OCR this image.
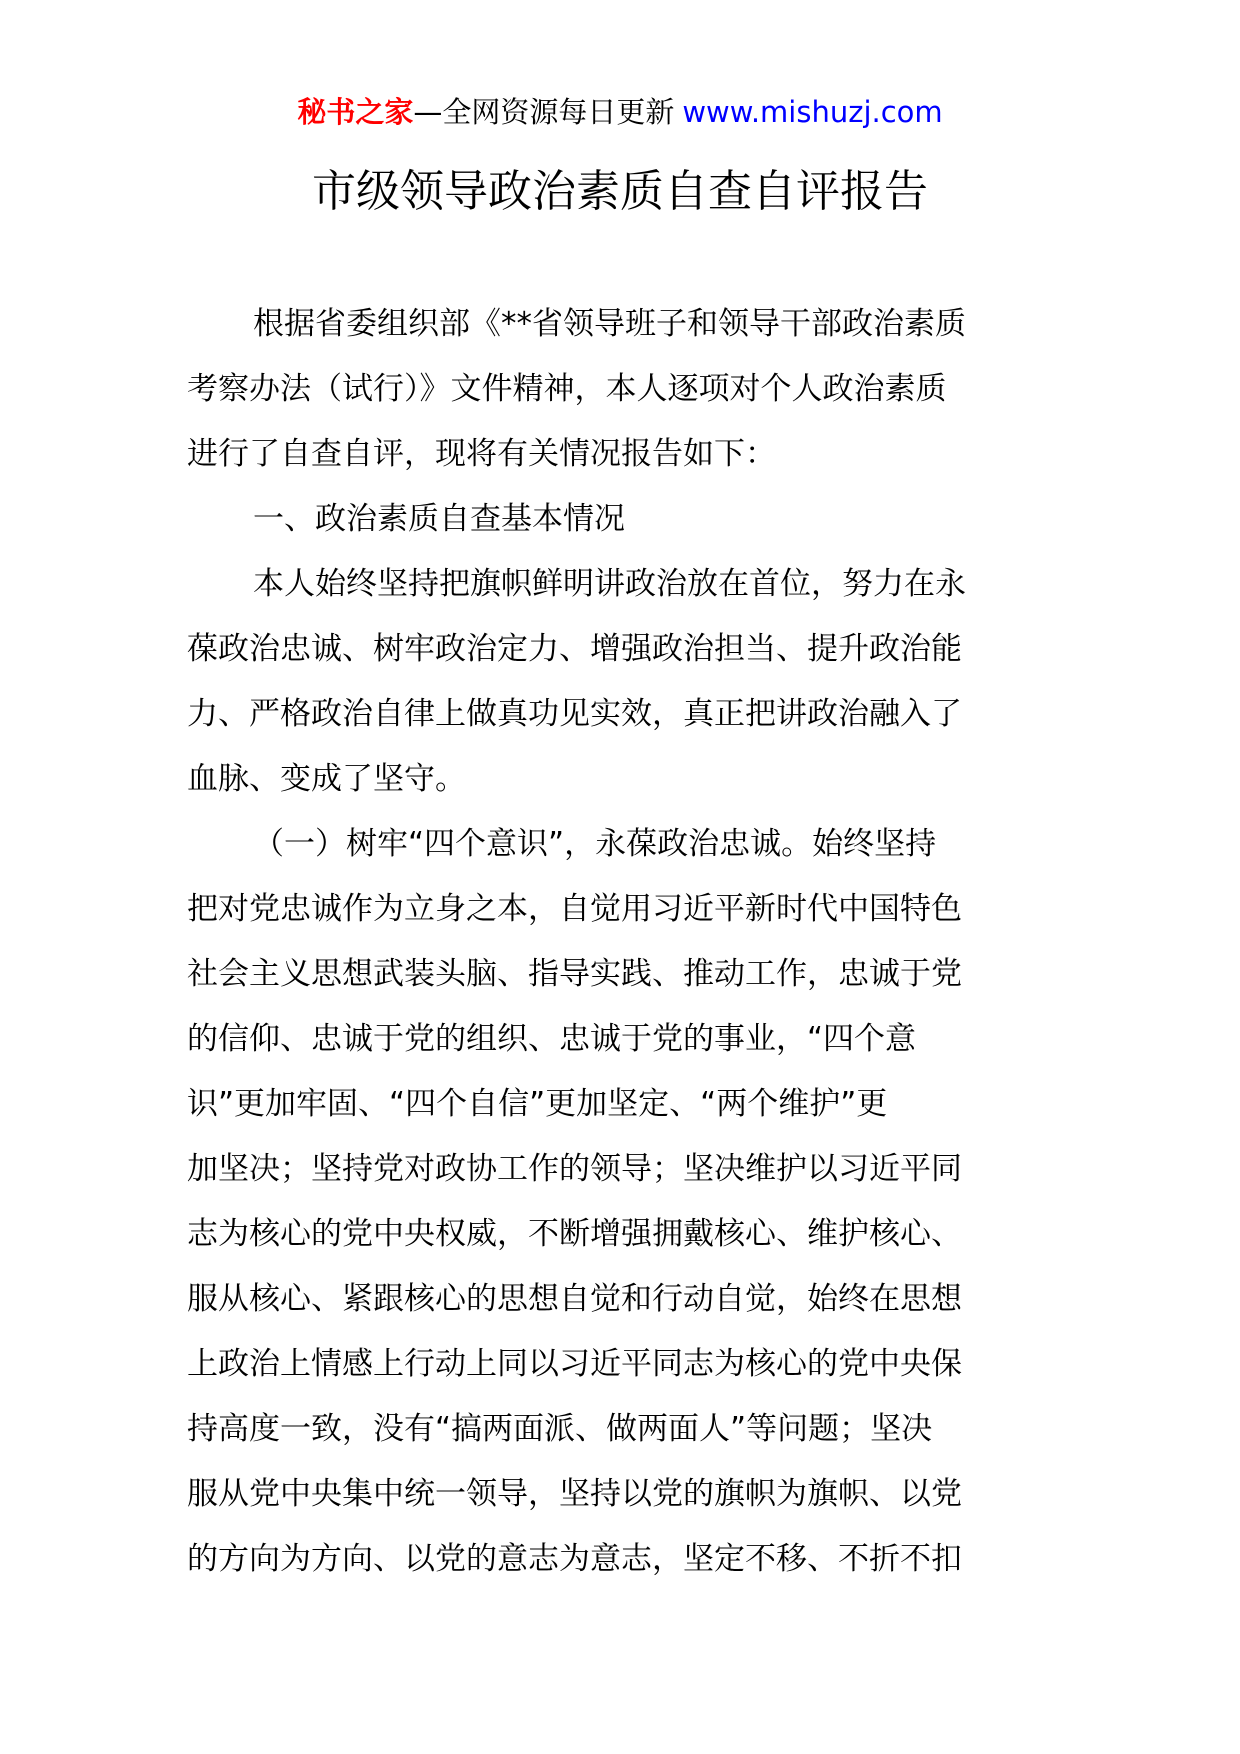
秘书之家—全网资源每日更新 www.mishuzj.com
市级领导政治素质自查自评报告
根据省委组织部《**省领导班子和领导干部政治素质
考察办法（试行）》文件精神，本人逐项对个人政治素质
进行了自查自评，现将有关情况报告如下：
一、政治素质自查基本情况
本人始终坚持把旗帜鲜明讲政治放在首位，努力在永
葆政治忠诚、树牢政治定力、增强政治担当、提升政治能
力、严格政治自律上做真功见实效，真正把讲政治融入了
血脉、变成了坚守。
（一）树牢“四个意识”，永葆政治忠诚。始终坚持
把对党忠诚作为立身之本，自觉用习近平新时代中国特色
社会主义思想武装头脑、指导实践、推动工作，忠诚于党
的信仰、忠诚于党的组织、忠诚于党的事业，“四个意
识”更加牢固、“四个自信”更加坚定、“两个维护”更
加坚决；坚持党对政协工作的领导；坚决维护以习近平同
志为核心的党中央权威，不断增强拥戴核心、维护核心、
服从核心、紧跟核心的思想自觉和行动自觉，始终在思想
上政治上情感上行动上同以习近平同志为核心的党中央保
持高度一致，没有“搞两面派、做两面人”等问题；坚决
服从党中央集中统一领导，坚持以党的旗帜为旗帜、以党
的方向为方向、以党的意志为意志，坚定不移、不折不扣
